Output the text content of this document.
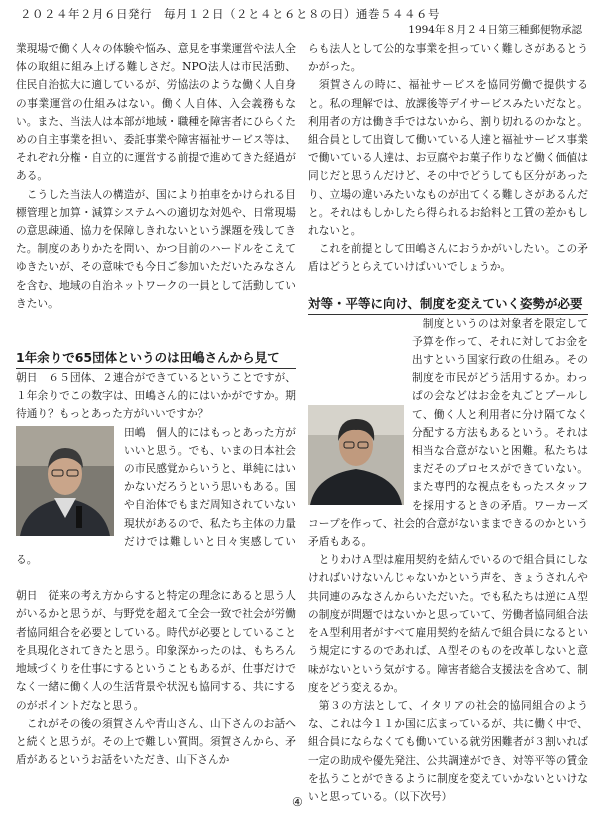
２０２４年２月６日発行　毎月１２日（２と４と６と８の日）通巻５４４６号
1994年８月２４日第三種郵便物承認

業現場で働く人々の体験や悩み、意見を事業運営や法人全体の取組に組み上げる難しさだ。NPO法人は市民活動、住民自治拡大に適しているが、労協法のような働く人自身の事業運営の仕組みはない。働く人自体、入会義務もない。また、当法人は本部が地域・職種を障害者にひらくための自主事業を担い、委託事業や障害福祉サービス等は、それぞれ分権・自立的に運営する前提で進めてきた経過がある。

こうした当法人の構造が、国により拍車をかけられる目標管理と加算・減算システムへの適切な対処や、日常現場の意思疎通、協力を保障しきれないという課題を残してきた。制度のありかたを問い、かつ目前のハードルをこえてゆきたいが、その意味でも今日ご参加いただいたみなさんを含む、地域の自治ネットワークの一員として活動していきたい。

1年余りで65団体というのは田嶋さんから見て

朝日　６５団体、２連合ができているということですが、１年余りでこの数字は、田嶋さん的にはいかがですか。期待通り？もっとあった方がいいですか？

田嶋　個人的にはもっとあった方がいいと思う。でも、いまの日本社会の市民感覚からいうと、単純にはいかないだろうという思いもある。国や自治体でもまだ周知されていない現状があるので、私たち主体の力量だけでは難しいと日々実感している。

朝日　従来の考え方からすると特定の理念にあると思う人がいるかと思うが、与野党を超えて全会一致で社会が労働者協同組合を必要としている。時代が必要としていることを具現化されてきたと思う。印象深かったのは、もちろん地域づくりを仕事にするということもあるが、仕事だけでなく一緒に働く人の生活背景や状況も協同する、共にするのがポイントだなと思う。

これがその後の須賀さんや青山さん、山下さんのお話へと続くと思うが。その上で難しい質問。須賀さんから、矛盾があるというお話をいただき、山下さんか

らも法人として公的な事業を担っていく難しさがあるとうかがった。

須賀さんの時に、福祉サービスを協同労働で提供すると。私の理解では、放課後等デイサービスみたいだなと。利用者の方は働き手ではないから、割り切れるのかなと。組合員として出資して働いている人達と福祉サービス事業で働いている人達は、お豆腐やお菓子作りなど働く価値は同じだと思うんだけど、その中でどうしても区分があったり、立場の違いみたいなものが出てくる難しさがあるんだと。それはもしかしたら得られるお給料と工賃の差かもしれないと。

これを前提として田嶋さんにおうかがいしたい。この矛盾はどうとらえていけばいいでしょうか。

対等・平等に向け、制度を変えていく姿勢が必要

制度というのは対象者を限定して予算を作って、それに対してお金を出すという国家行政の仕組み。その制度を市民がどう活用するか。わっぱの会などはお金を丸ごとプールして、働く人と利用者に分け隔てなく分配する方法もあるという。それは相当な合意がないと困難。私たちはまだそのプロセスができていない。また専門的な視点をもったスタッフを採用するときの矛盾。ワーカーズコープを作って、社会的合意がないままできるのかという矛盾もある。

とりわけＡ型は雇用契約を結んでいるので組合員にしなければいけないんじゃないかという声を、きょうされんや共同連のみなさんからいただいた。でも私たちは逆にＡ型の制度が問題ではないかと思っていて、労働者協同組合法をＡ型利用者がすべて雇用契約を結んで組合員になるという規定にするのであれば、Ａ型そのものを改革しないと意味がないという気がする。障害者総合支援法を含めて、制度をどう変えるか。

第３の方法として、イタリアの社会的協同組合のような、これは今１１か国に広まっているが、共に働く中で、組合員にならなくても働いている就労困難者が３割いれば一定の助成や優先発注、公共調達ができ、対等平等の賃金を払うことができるように制度を変えていかないといけないと思っている。（以下次号）

④
